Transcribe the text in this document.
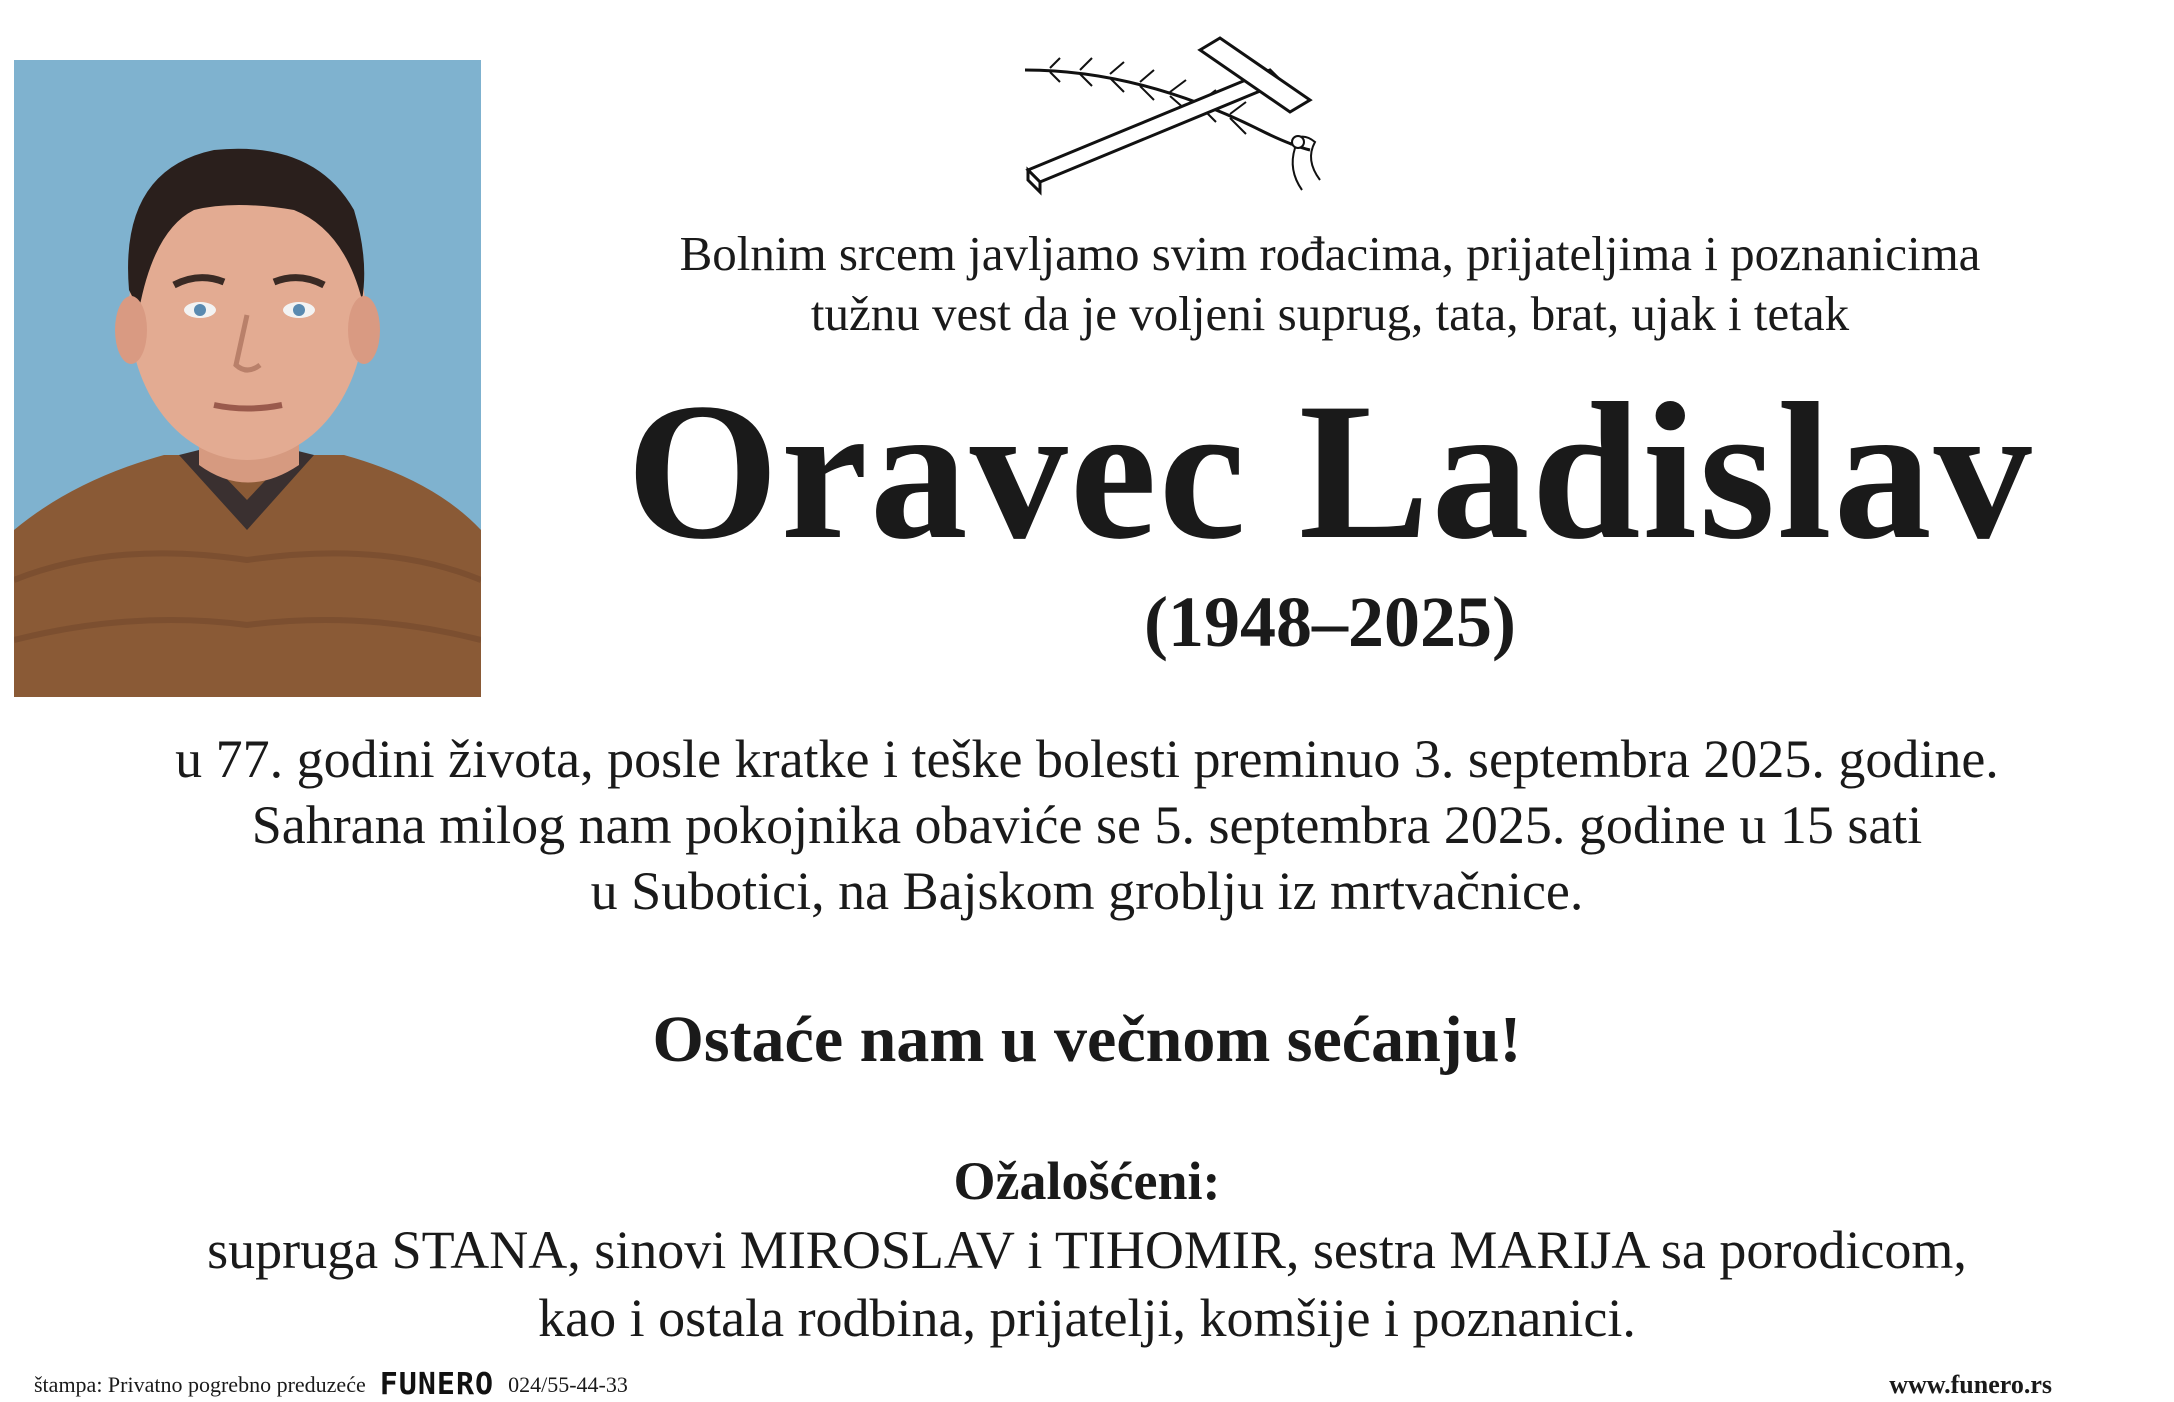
Bolnim srcem javljamo svim rođacima, prijateljima i poznanicima
tužnu vest da je voljeni suprug, tata, brat, ujak i tetak
Oravec Ladislav
(1948–2025)
u 77. godini života, posle kratke i teške bolesti preminuo 3. septembra 2025. godine.
Sahrana milog nam pokojnika obaviće se 5. septembra 2025. godine u 15 sati
u Subotici, na Bajskom groblju iz mrtvačnice.
Ostaće nam u večnom sećanju!
Ožalošćeni:
supruga STANA, sinovi MIROSLAV i TIHOMIR, sestra MARIJA sa porodicom,
kao i ostala rodbina, prijatelji, komšije i poznanici.
štampa: Privatno pogrebno preduzeće FUNERO 024/55-44-33	www.funero.rs
